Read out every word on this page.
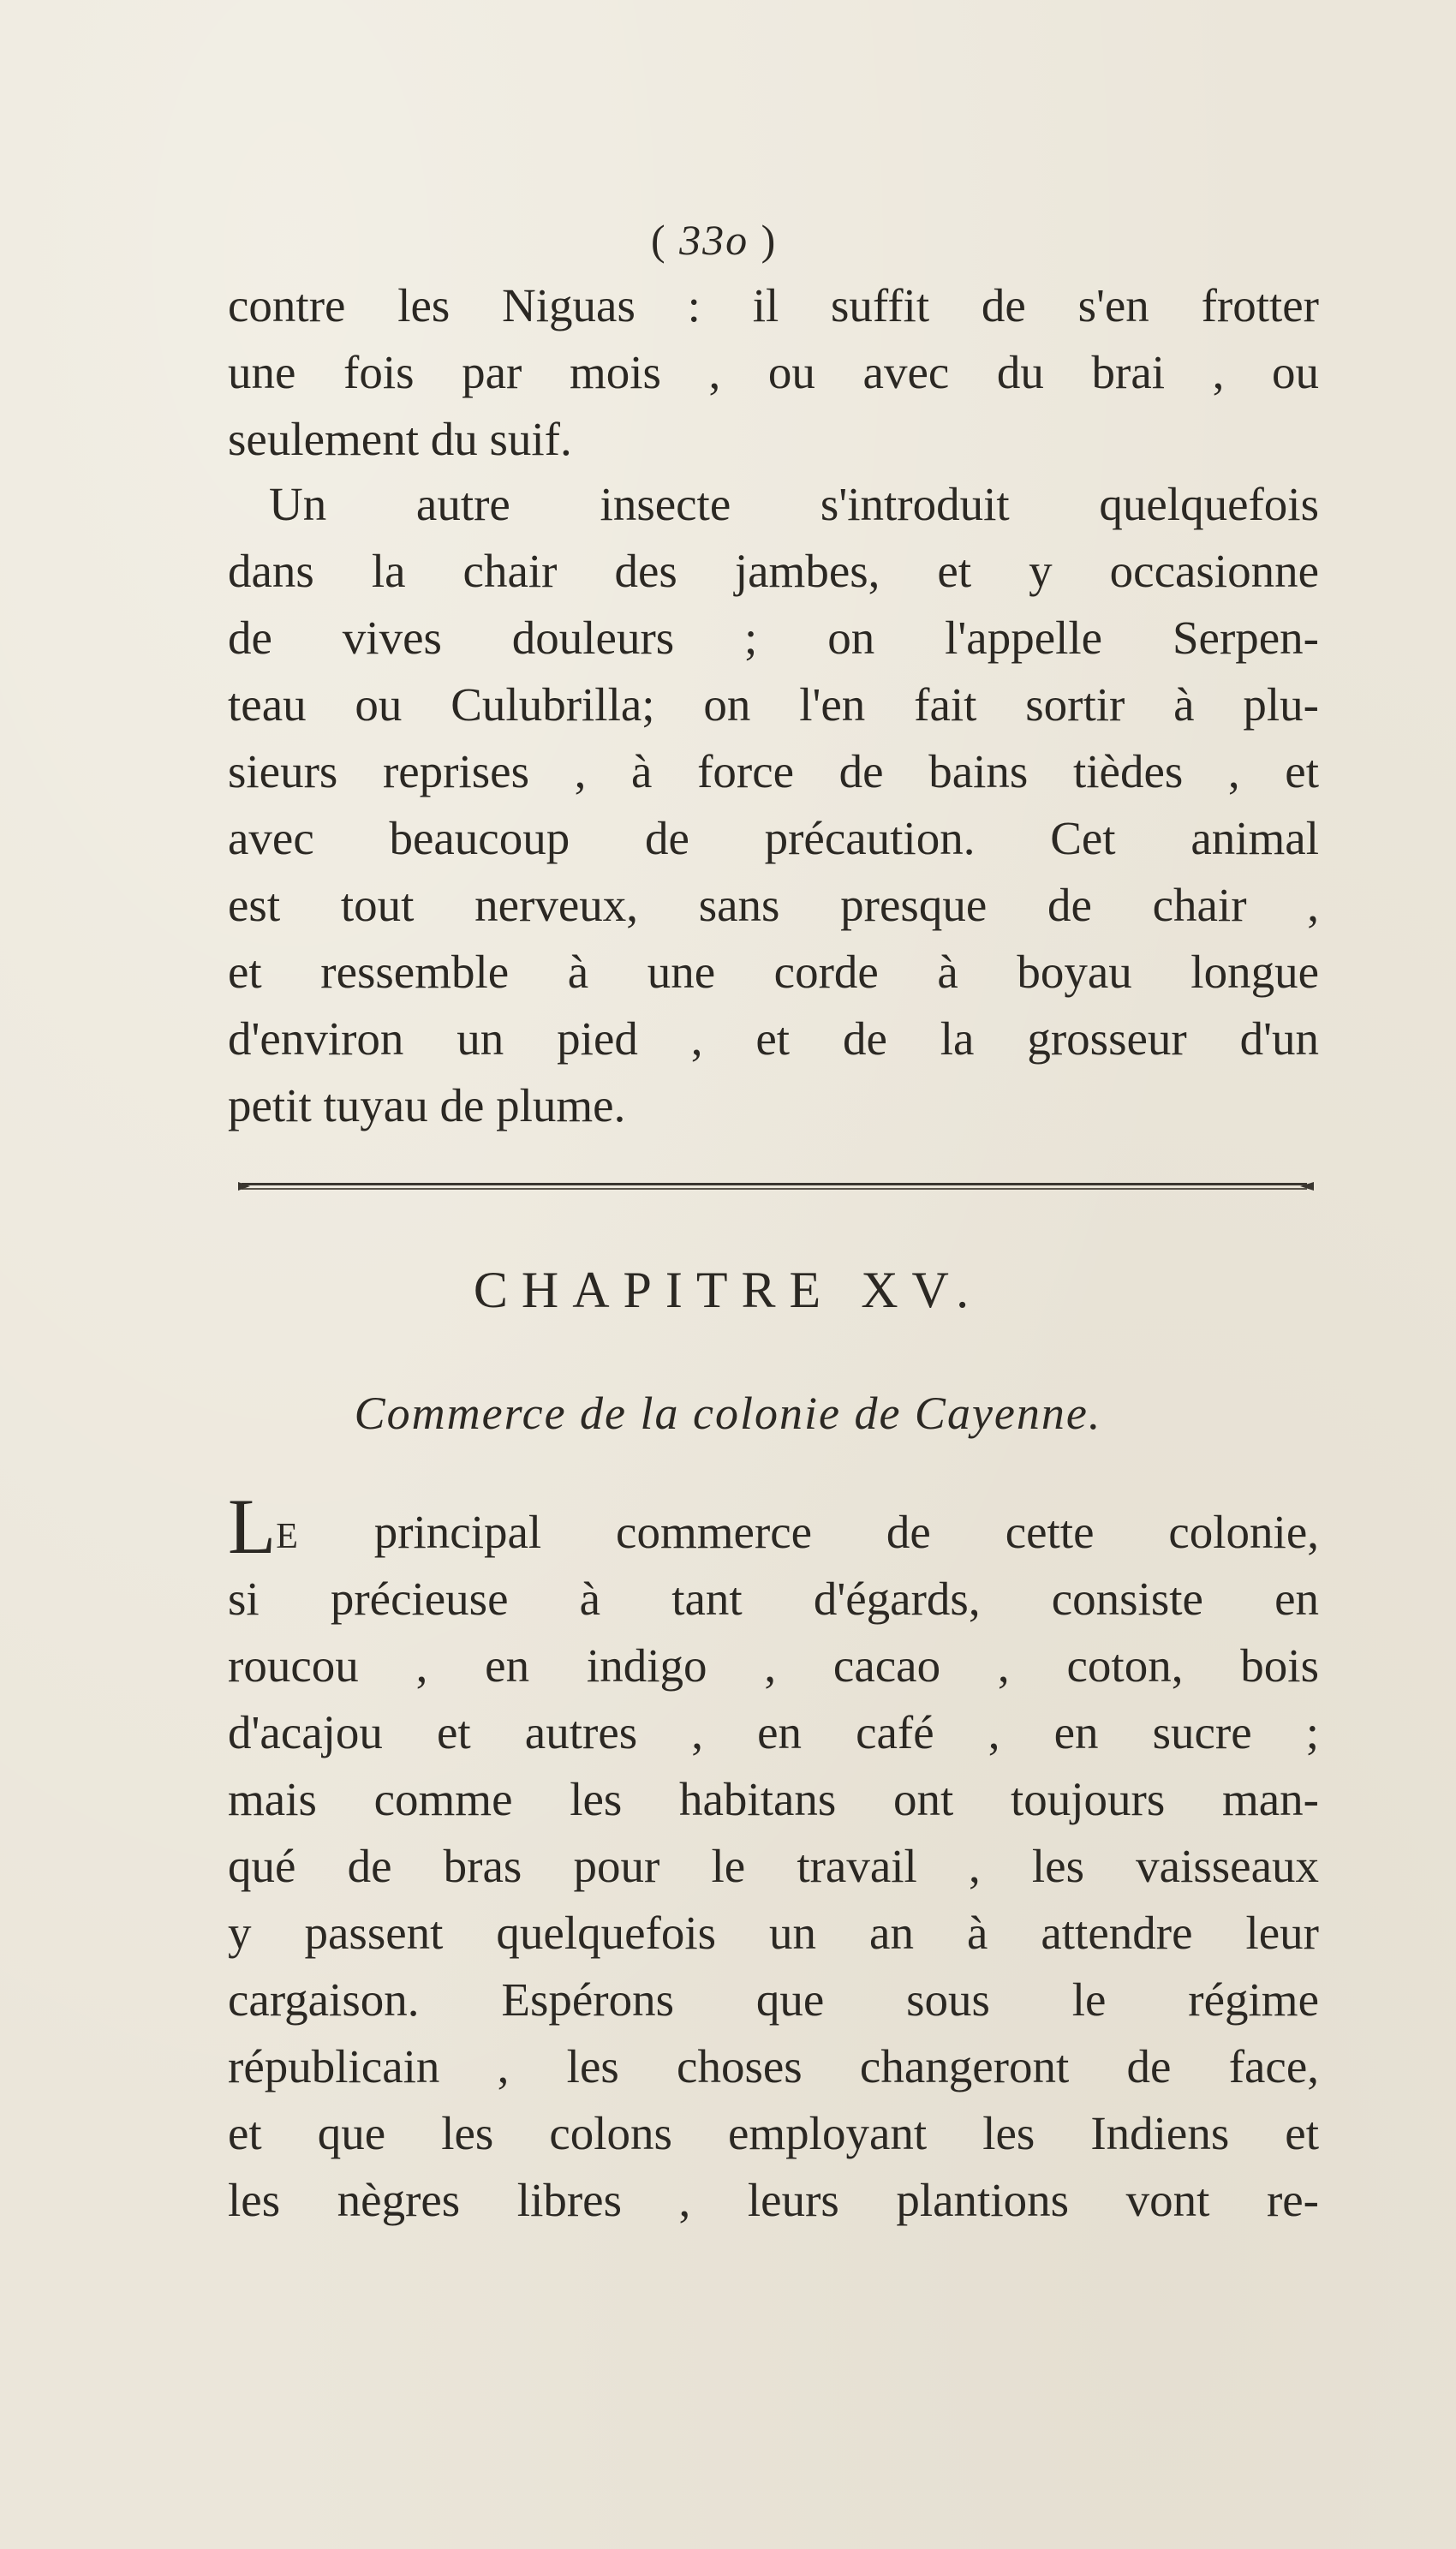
( 33o )
contre les Niguas : il suffit de s'en frotter
une fois par mois , ou avec du brai , ou
seulement du suif.
Un autre insecte s'introduit quelquefois
dans la chair des jambes, et y occasionne
de vives douleurs ; on l'appelle Serpen-
teau ou Culubrilla; on l'en fait sortir à plu-
sieurs reprises , à force de bains tièdes , et
avec beaucoup de précaution. Cet animal
est tout nerveux, sans presque de chair ,
et ressemble à une corde à boyau longue
d'environ un pied , et de la grosseur d'un
petit tuyau de plume.
CHAPITRE XV.
Commerce de la colonie de Cayenne.
LE principal commerce de cette colonie,
si précieuse à tant d'égards, consiste en
roucou , en indigo , cacao , coton, bois
d'acajou et autres , en café , en sucre ;
mais comme les habitans ont toujours man-
qué de bras pour le travail , les vaisseaux
y passent quelquefois un an à attendre leur
cargaison. Espérons que sous le régime
républicain , les choses changeront de face,
et que les colons employant les Indiens et
les nègres libres , leurs plantions vont re-
